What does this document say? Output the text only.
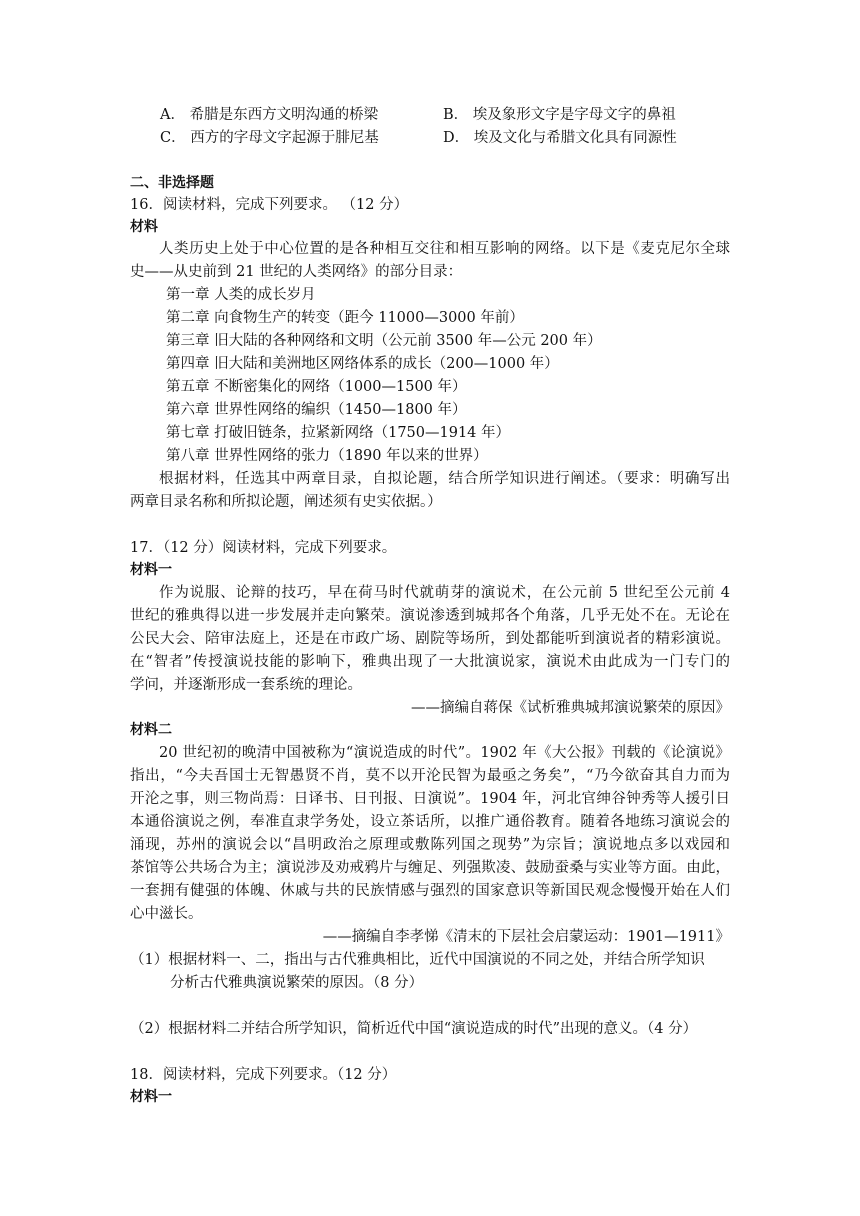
A． 希腊是东西方文明沟通的桥梁	B． 埃及象形文字是字母文字的鼻祖
C． 西方的字母文字起源于腓尼基	D． 埃及文化与希腊文化具有同源性
二、非选择题
16．阅读材料，完成下列要求。 （12 分）
材料
人类历史上处于中心位置的是各种相互交往和相互影响的网络。以下是《麦克尼尔全球
史——从史前到 21 世纪的人类网络》的部分目录：
第一章 人类的成长岁月
第二章 向食物生产的转变（距今 11000—3000 年前）
第三章 旧大陆的各种网络和文明（公元前 3500 年—公元 200 年）
第四章 旧大陆和美洲地区网络体系的成长（200—1000 年）
第五章 不断密集化的网络（1000—1500 年）
第六章 世界性网络的编织（1450—1800 年）
第七章 打破旧链条，拉紧新网络（1750—1914 年）
第八章 世界性网络的张力（1890 年以来的世界）
根据材料，任选其中两章目录，自拟论题，结合所学知识进行阐述。（要求：明确写出
两章目录名称和所拟论题，阐述须有史实依据。）
17．（12 分）阅读材料，完成下列要求。
材料一
作为说服、论辩的技巧，早在荷马时代就萌芽的演说术，在公元前 5 世纪至公元前 4
世纪的雅典得以进一步发展并走向繁荣。演说渗透到城邦各个角落，几乎无处不在。无论在
公民大会、陪审法庭上，还是在市政广场、剧院等场所，到处都能听到演说者的精彩演说。
在“智者”传授演说技能的影响下，雅典出现了一大批演说家，演说术由此成为一门专门的
学问，并逐渐形成一套系统的理论。
——摘编自蒋保《试析雅典城邦演说繁荣的原因》
材料二
20 世纪初的晚清中国被称为“演说造成的时代”。1902 年《大公报》刊载的《论演说》
指出，“今夫吾国士无智愚贤不肖，莫不以开沦民智为最亟之务矣”，“乃今欲奋其自力而为
开沦之事，则三物尚焉：日译书、日刊报、日演说”。1904 年，河北官绅谷钟秀等人援引日
本通俗演说之例，奉准直隶学务处，设立茶话所，以推广通俗教育。随着各地练习演说会的
涌现，苏州的演说会以“昌明政治之原理或敷陈列国之现势”为宗旨；演说地点多以戏园和
茶馆等公共场合为主；演说涉及劝戒鸦片与缠足、列强欺凌、鼓励蚕桑与实业等方面。由此，
一套拥有健强的体魄、休戚与共的民族情感与强烈的国家意识等新国民观念慢慢开始在人们
心中滋长。
——摘编自李孝悌《清末的下层社会启蒙运动：1901—1911》
（1）根据材料一、二，指出与古代雅典相比，近代中国演说的不同之处，并结合所学知识
分析古代雅典演说繁荣的原因。（8 分）
（2）根据材料二并结合所学知识，简析近代中国“演说造成的时代”出现的意义。（4 分）
18．阅读材料，完成下列要求。（12 分）
材料一
